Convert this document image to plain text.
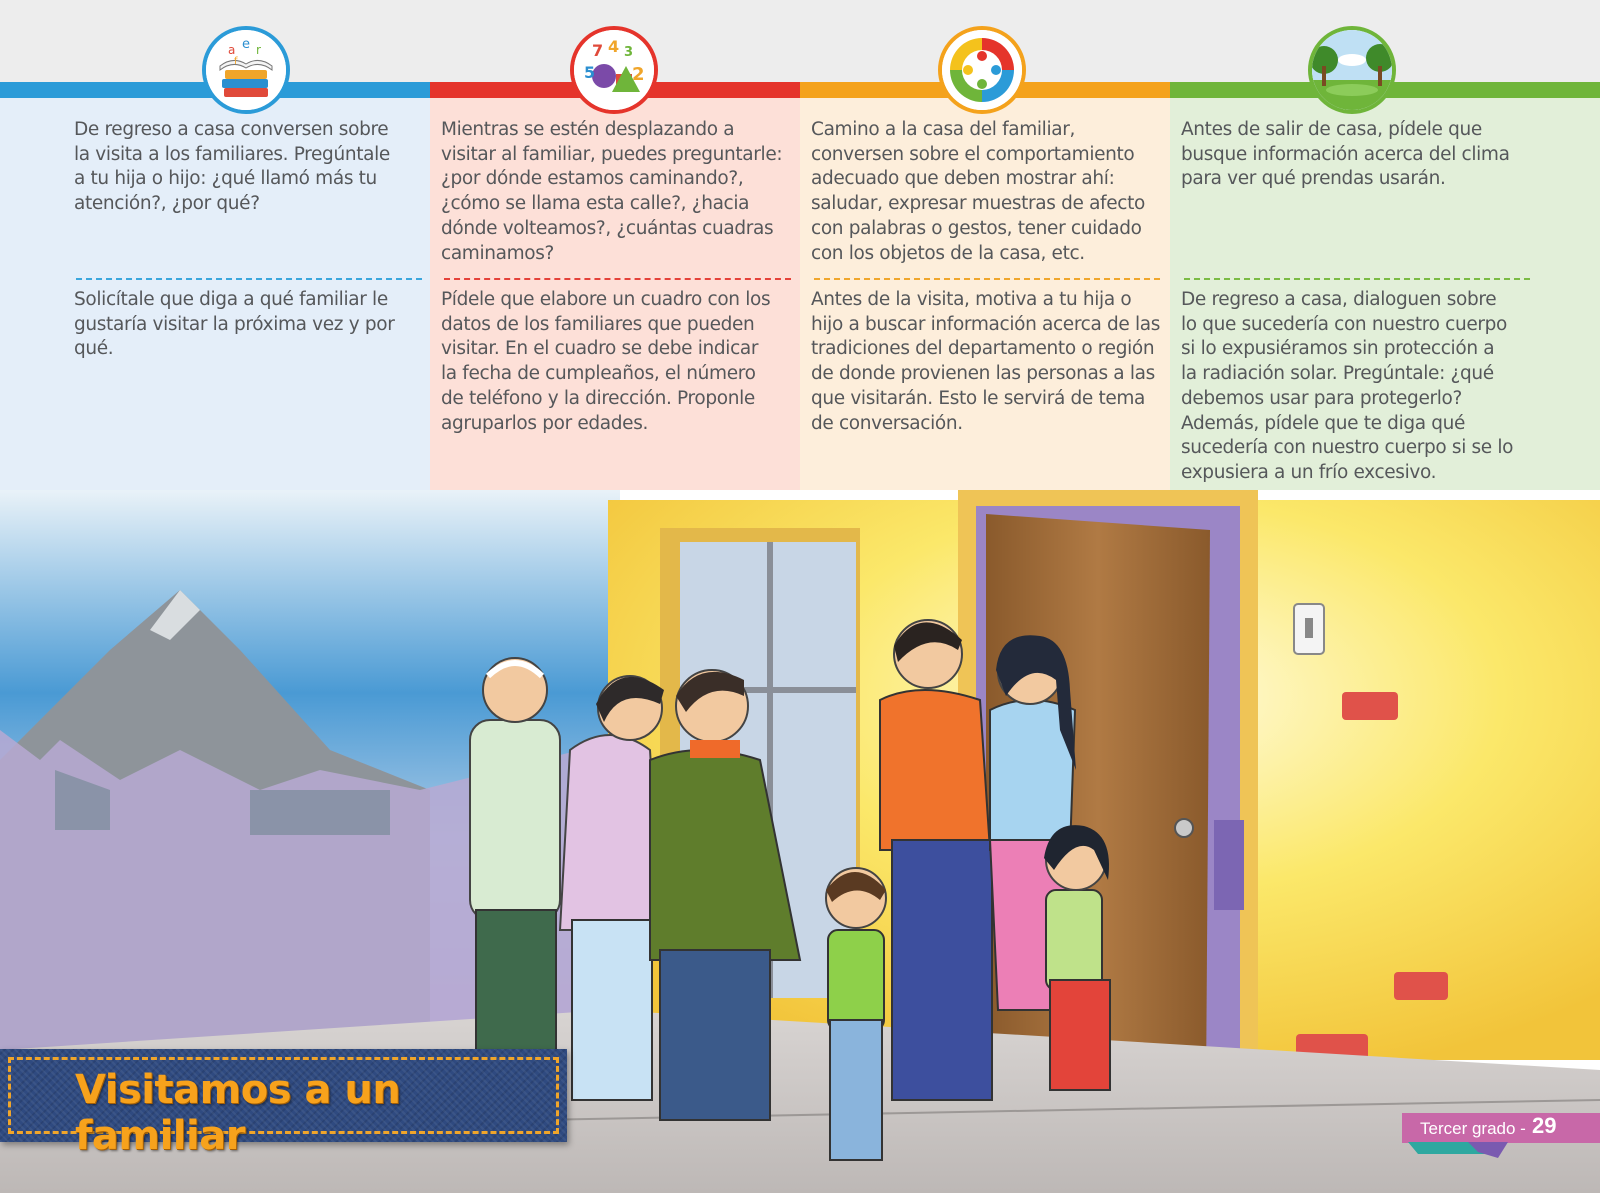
De regreso a casa conversen sobre
la visita a los familiares. Pregúntale
a tu hija o hijo: ¿qué llamó más tu
atención?, ¿por qué?

Solicítale que diga a qué familiar le
gustaría visitar la próxima vez y por
qué.

Mientras se estén desplazando a
visitar al familiar, puedes preguntarle:
¿por dónde estamos caminando?,
¿cómo se llama esta calle?, ¿hacia
dónde volteamos?, ¿cuántas cuadras
caminamos?

Pídele que elabore un cuadro con los
datos de los familiares que pueden
visitar. En el cuadro se debe indicar
la fecha de cumpleaños, el número
de teléfono y la dirección. Proponle
agruparlos por edades.

Camino a la casa del familiar,
conversen sobre el comportamiento
adecuado que deben mostrar ahí:
saludar, expresar muestras de afecto
con palabras o gestos, tener cuidado
con los objetos de la casa, etc.

Antes de la visita, motiva a tu hija o
hijo a buscar información acerca de las
tradiciones del departamento o región
de donde provienen las personas a las
que visitarán. Esto le servirá de tema
de conversación.

Antes de salir de casa, pídele que
busque información acerca del clima
para ver qué prendas usarán.

De regreso a casa, dialoguen sobre
lo que sucedería con nuestro cuerpo
si lo expusiéramos sin protección a
la radiación solar. Pregúntale: ¿qué
debemos usar para protegerlo?
Además, pídele que te diga qué
sucedería con nuestro cuerpo si se lo
expusiera a un frío excesivo.

a e r
f
7 4 3
5 2
Visitamos a un familiar	Tercer grado - 29
